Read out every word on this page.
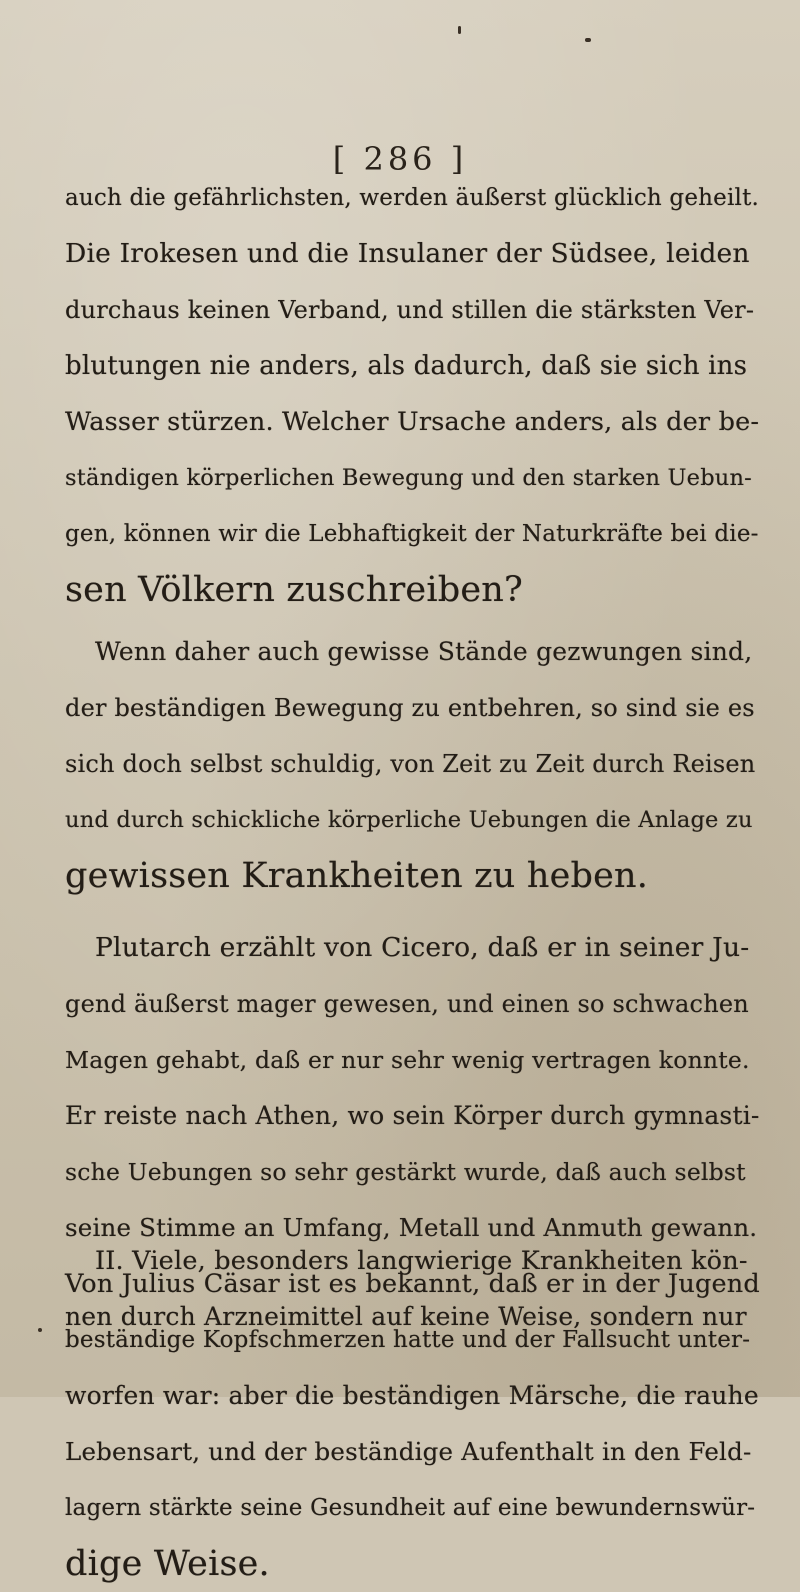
[ 286 ]
auch die gefährlichsten, werden äußerst glücklich geheilt.
Die Irokesen und die Insulaner der Südsee, leiden
durchaus keinen Verband, und stillen die stärksten Ver-
blutungen nie anders, als dadurch, daß sie sich ins
Wasser stürzen. Welcher Ursache anders, als der be-
ständigen körperlichen Bewegung und den starken Uebun-
gen, können wir die Lebhaftigkeit der Naturkräfte bei die-
sen Völkern zuschreiben?
Wenn daher auch gewisse Stände gezwungen sind,
der beständigen Bewegung zu entbehren, so sind sie es
sich doch selbst schuldig, von Zeit zu Zeit durch Reisen
und durch schickliche körperliche Uebungen die Anlage zu
gewissen Krankheiten zu heben.
Plutarch erzählt von Cicero, daß er in seiner Ju-
gend äußerst mager gewesen, und einen so schwachen
Magen gehabt, daß er nur sehr wenig vertragen konnte.
Er reiste nach Athen, wo sein Körper durch gymnasti-
sche Uebungen so sehr gestärkt wurde, daß auch selbst
seine Stimme an Umfang, Metall und Anmuth gewann.
Von Julius Cäsar ist es bekannt, daß er in der Jugend
beständige Kopfschmerzen hatte und der Fallsucht unter-
worfen war: aber die beständigen Märsche, die rauhe
Lebensart, und der beständige Aufenthalt in den Feld-
lagern stärkte seine Gesundheit auf eine bewundernswür-
dige Weise.
II. Viele, besonders langwierige Krankheiten kön-
nen durch Arzneimittel auf keine Weise, sondern nur
